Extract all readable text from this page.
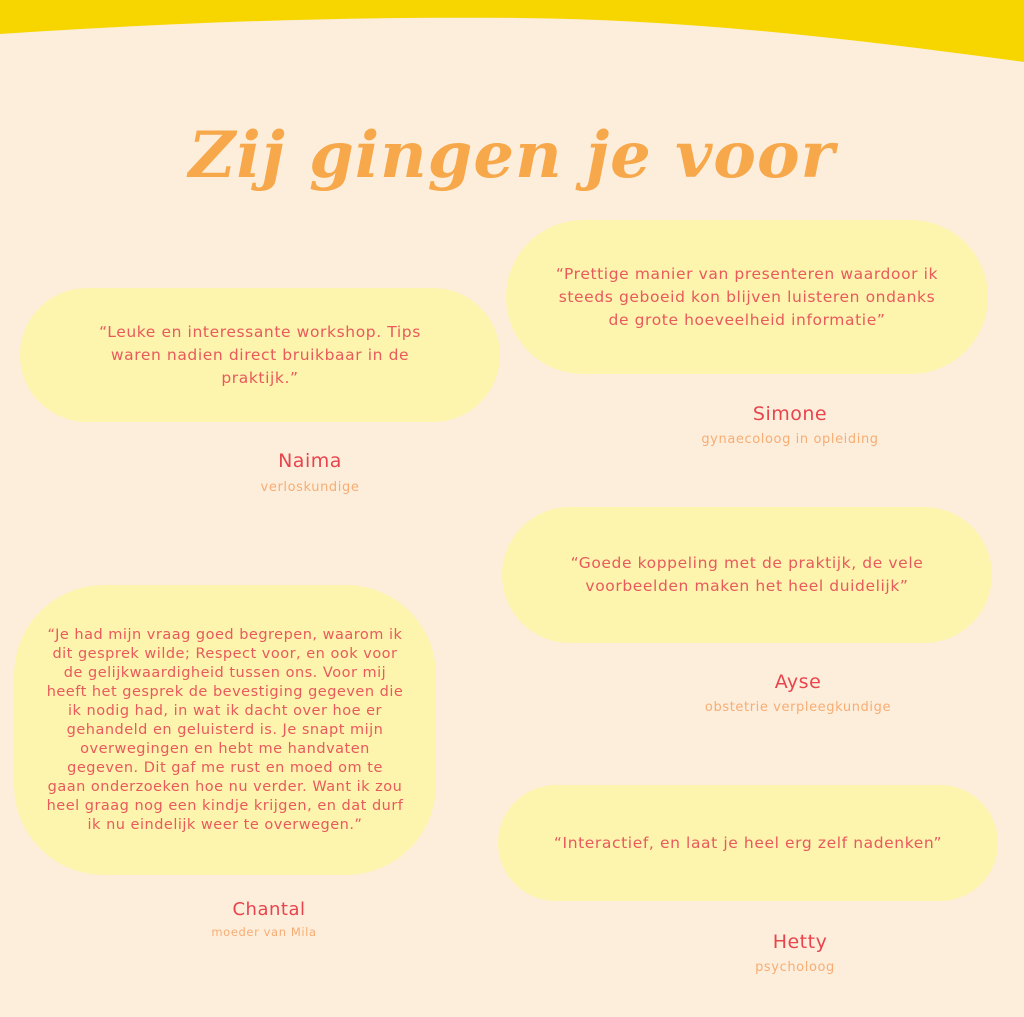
Zij gingen je voor

“Leuke en interessante workshop. Tips waren nadien direct bruikbaar in de praktijk.”

Naima
verloskundige

“Prettige manier van presenteren waardoor ik steeds geboeid kon blijven luisteren ondanks de grote hoeveelheid informatie”

Simone
gynaecoloog in opleiding

“Goede koppeling met de praktijk, de vele voorbeelden maken het heel duidelijk”

Ayse
obstetrie verpleegkundige

“Je had mijn vraag goed begrepen, waarom ik dit gesprek wilde; Respect voor, en ook voor de gelijkwaardigheid tussen ons. Voor mij heeft het gesprek de bevestiging gegeven die ik nodig had, in wat ik dacht over hoe er gehandeld en geluisterd is. Je snapt mijn overwegingen en hebt me handvaten gegeven. Dit gaf me rust en moed om te gaan onderzoeken hoe nu verder. Want ik zou heel graag nog een kindje krijgen, en dat durf ik nu eindelijk weer te overwegen.”

Chantal
moeder van Mila

“Interactief, en laat je heel erg zelf nadenken”

Hetty
psycholoog
